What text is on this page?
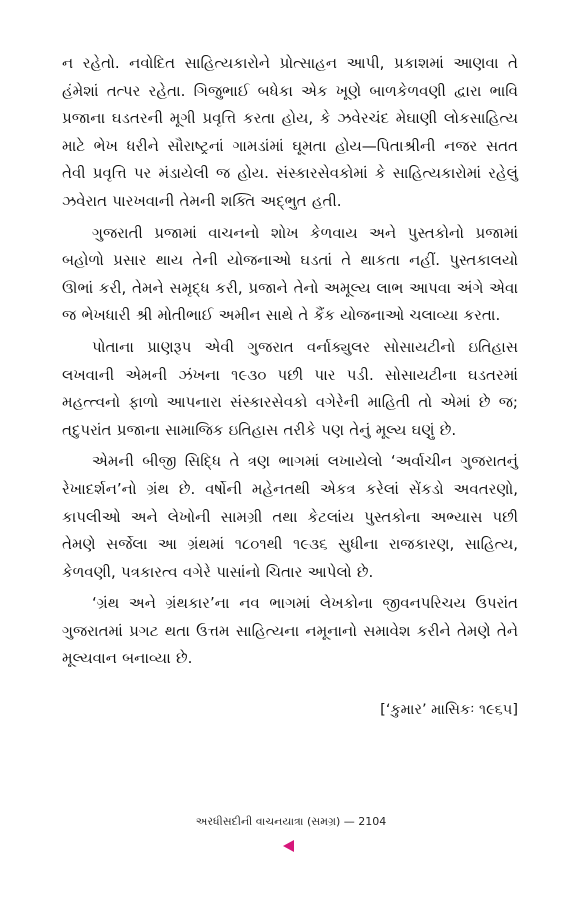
ન રહેતો. નવોદિત સાહિત્યકારોને પ્રોત્સાહન આપી, પ્રકાશમાં આણવા તે હંમેશાં તત્પર રહેતા. ગિજુભાઈ બધેકા એક ખૂણે બાળકેળવણી દ્વારા ભાવિ પ્રજાના ઘડતરની મૂગી પ્રવૃત્તિ કરતા હોય, કે ઝવેરચંદ મેઘાણી લોકસાહિત્ય માટે ભેખ ધરીને સૌરાષ્ટ્રનાં ગામડાંમાં ઘૂમતા હોય—પિતાશ્રીની નજર સતત તેવી પ્રવૃત્તિ પર મંડાયેલી જ હોય. સંસ્કારસેવકોમાં કે સાહિત્યકારોમાં રહેલું ઝવેરાત પારખવાની તેમની શક્તિ અદ્‌ભુત હતી.

ગુજરાતી પ્રજામાં વાચનનો શોખ કેળવાય અને પુસ્તકોનો પ્રજામાં બહોળો પ્રસાર થાય તેની યોજનાઓ ઘડતાં તે થાકતા નહીં. પુસ્તકાલયો ઊભાં કરી, તેમને સમૃદ્ધ કરી, પ્રજાને તેનો અમૂલ્ય લાભ આપવા અંગે એવા જ ભેખધારી શ્રી મોતીભાઈ અમીન સાથે તે કૈંક યોજનાઓ ચલાવ્યા કરતા.

પોતાના પ્રાણરૂપ એવી ગુજરાત વર્નાક્યુલર સોસાયટીનો ઇતિહાસ લખવાની એમની ઝંખના ૧૯૩૦ પછી પાર પડી. સોસાયટીના ઘડતરમાં મહત્ત્વનો ફાળો આપનારા સંસ્કારસેવકો વગેરેની માહિતી તો એમાં છે જ; તદુપરાંત પ્રજાના સામાજિક ઇતિહાસ તરીકે પણ તેનું મૂલ્ય ઘણું છે.

એમની બીજી સિદ્ધિ તે ત્રણ ભાગમાં લખાયેલો ‘અર્વાચીન ગુજરાતનું રેખાદર્શન’નો ગ્રંથ છે. વર્ષોની મહેનતથી એકત્ર કરેલાં સેંકડો અવતરણો, કાપલીઓ અને લેખોની સામગ્રી તથા કેટલાંય પુસ્તકોના અભ્યાસ પછી તેમણે સર્જેલા આ ગ્રંથમાં ૧૮૦૧થી ૧૯૩૬ સુધીના રાજકારણ, સાહિત્ય, કેળવણી, પત્રકારત્વ વગેરે પાસાંનો ચિતાર આપેલો છે.

‘ગ્રંથ અને ગ્રંથકાર’ના નવ ભાગમાં લેખકોના જીવનપરિચય ઉપરાંત ગુજરાતમાં પ્રગટ થતા ઉત્તમ સાહિત્યના નમૂનાનો સમાવેશ કરીને તેમણે તેને મૂલ્યવાન બનાવ્યા છે.

[‘કુમાર’ માસિકઃ ૧૯૬૫]
અરધીસદીની વાચનયાત્રા (સમગ્ર) — 2104
